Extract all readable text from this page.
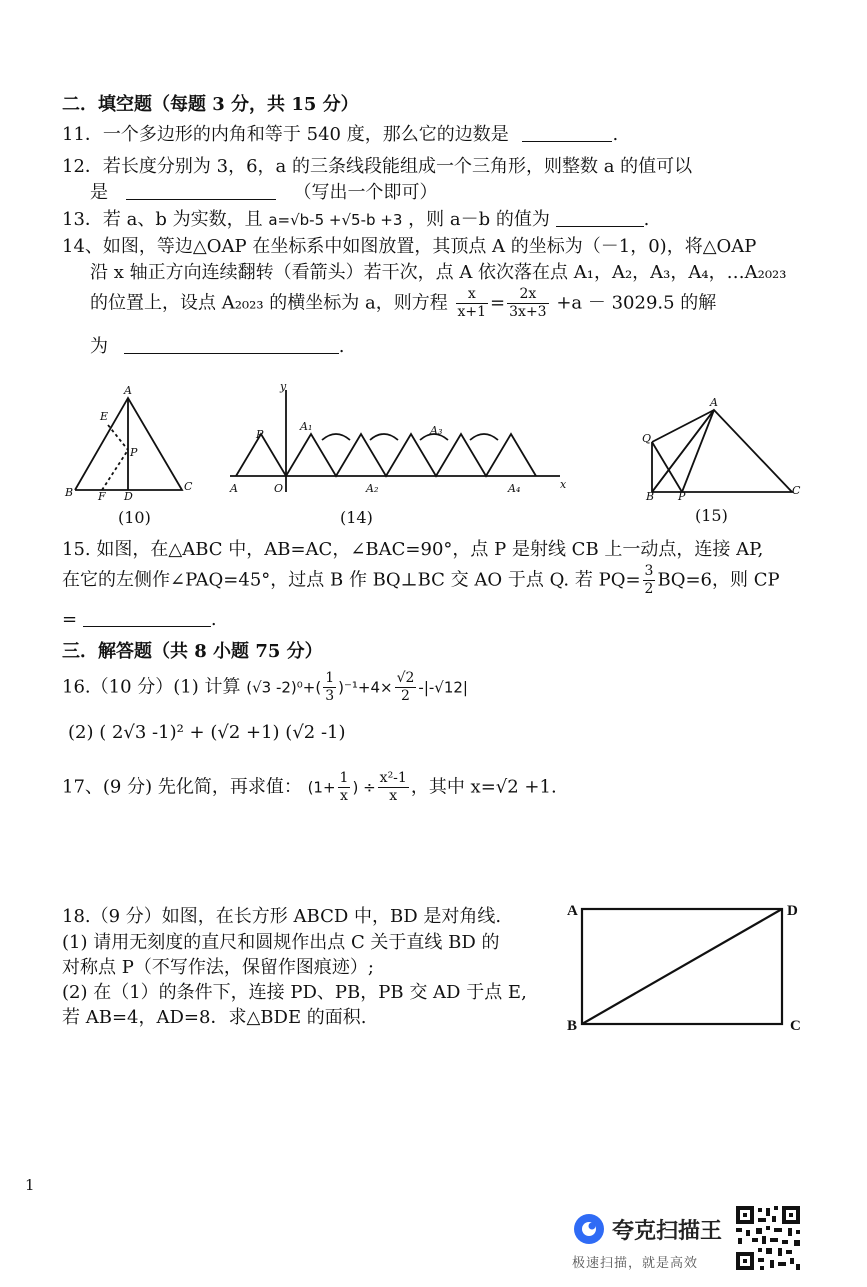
二．填空题（每题 3 分，共 15 分）
11．一个多边形的内角和等于 540 度，那么它的边数是	.
12．若长度分别为 3，6，a 的三条线段能组成一个三角形，则整数 a 的值可以
是	（写出一个即可）
13．若 a、b 为实数，且 a=√b-5 +√5-b +3 ，则 a－b 的值为	.
14、如图，等边△OAP 在坐标系中如图放置，其顶点 A 的坐标为（－1，0)，将△OAP
沿 x 轴正方向连续翻转（看箭头）若干次，点 A 依次落在点 A₁，A₂，A₃，A₄，…A₂₀₂₃
的位置上，设点 A₂₀₂₃ 的横坐标为 a，则方程 $\frac{x}{x+1} = \frac{2x}{3x+3} +a - 3029.5$ 的解
为	.
A
E
P
B F D
C
y
P
A₁	A₃
A	O	A₂	A₄	x
Q
A
B P	C
(10)	(14)	(15)
15. 如图，在△ABC 中，AB=AC，∠BAC=90°，点 P 是射线 CB 上一动点，连接 AP,
在它的左侧作∠PAQ=45°，过点 B 作 BQ⊥BC 交 AO 于点 Q. 若 $PQ= \frac{3}{2} BQ=6$，则 CP
=	.
三．解答题（共 8 小题 75 分）
16.（10 分）(1) 计算 (√3 $-2)^0+( \frac{1}{3} )^{-1}+4\times \frac{√2}{2} -|-√12|$
(2) ( 2√3 -1)² + (√2 +1) (√2 -1)
17、(9 分) 先化简，再求值： ($1+ \frac{1}{x}$ ) ÷ $\frac{\text{x²-1}}{x}$ ，其中 x=√2 +1.
18.（9 分）如图，在长方形 ABCD 中，BD 是对角线.
(1) 请用无刻度的直尺和圆规作出点 C 关于直线 BD 的
对称点 P（不写作法，保留作图痕迹）;
(2) 在（1）的条件下，连接 PD、PB，PB 交 AD 于点 E,
若 AB=4，AD=8．求△BDE 的面积.
A	D
B	C
1
夸克扫描王
极速扫描，就是高效
